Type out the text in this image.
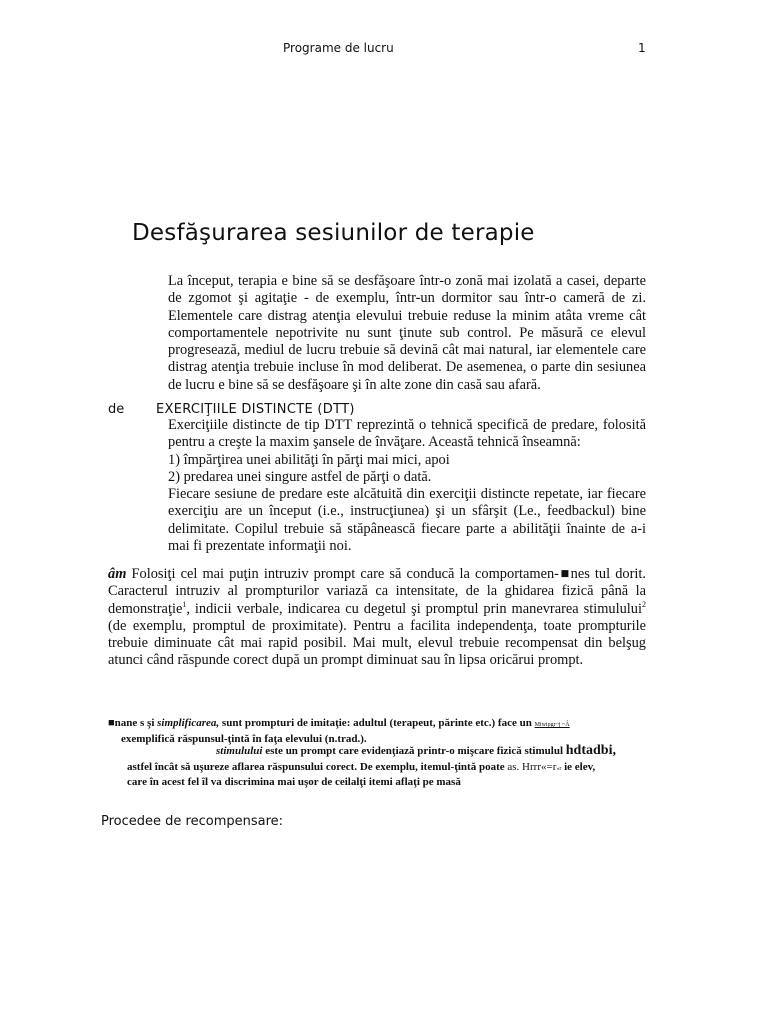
Programe de lucru	1
Desfăşurarea sesiunilor de terapie
La început, terapia e bine să se desfăşoare într-o zonă mai izolată a casei, departe de zgomot şi agitaţie - de exemplu, într-un dormitor sau într-o cameră de zi. Elementele care distrag atenţia elevului trebuie reduse la minim atâta vreme cât comportamentele nepotrivite nu sunt ţinute sub control. Pe măsură ce elevul progresează, mediul de lucru trebuie să devină cât mai natural, iar elementele care distrag atenţia trebuie incluse în mod deliberat. De asemenea, o parte din sesiunea de lucru e bine să se desfăşoare şi în alte zone din casă sau afară.
de EXERCIŢIILE DISTINCTE (DTT)
Exerciţiile distincte de tip DTT reprezintă o tehnică specifică de predare, folosită pentru a creşte la maxim şansele de învăţare. Această tehnică înseamnă:
1) împărţirea unei abilităţi în părţi mai mici, apoi
2) predarea unei singure astfel de părţi o dată.
Fiecare sesiune de predare este alcătuită din exerciţii distincte repetate, iar fiecare exerciţiu are un început (i.e., instrucţiunea) şi un sfârşit (Le., feedbackul) bine delimitate. Copilul trebuie să stăpânească fiecare parte a abilităţii înainte de a-i mai fi prezentate informaţii noi.
âm Folosiţi cel mai puţin intruziv prompt care să conducă la comportamen-■nes tul dorit. Caracterul intruziv al prompturilor variază ca intensitate, de la ghidarea fizică până la demonstraţie$^1$, indicii verbale, indicarea cu degetul şi promptul prin manevrarea stimulului$^2$ (de exemplu, promptul de proximitate). Pentru a facilita independenţa, toate prompturile trebuie diminuate cât mai rapid posibil. Mai mult, elevul trebuie recompensat din belşug atunci când răspunde corect după un prompt diminuat sau în lipsa oricărui prompt.
■nane s şi simplificarea, sunt prompturi de imitaţie: adultul (terapeut, părinte etc.) face un Miwipgr~j ~Â
exemplifică răspunsul-ţintă în faţa elevului (n.trad.).
stimulului este un prompt care evidenţiază printr-o mişcare fizică stimulul hdtadbi,
astfel încât să uşureze aflarea răspunsului corect. De exemplu, itemul-ţintă poate as. Hrrr«=r»r ie elev,
care în acest fel îl va discrimina mai uşor de ceilalţi itemi aflaţi pe masă
Procedee de recompensare:
